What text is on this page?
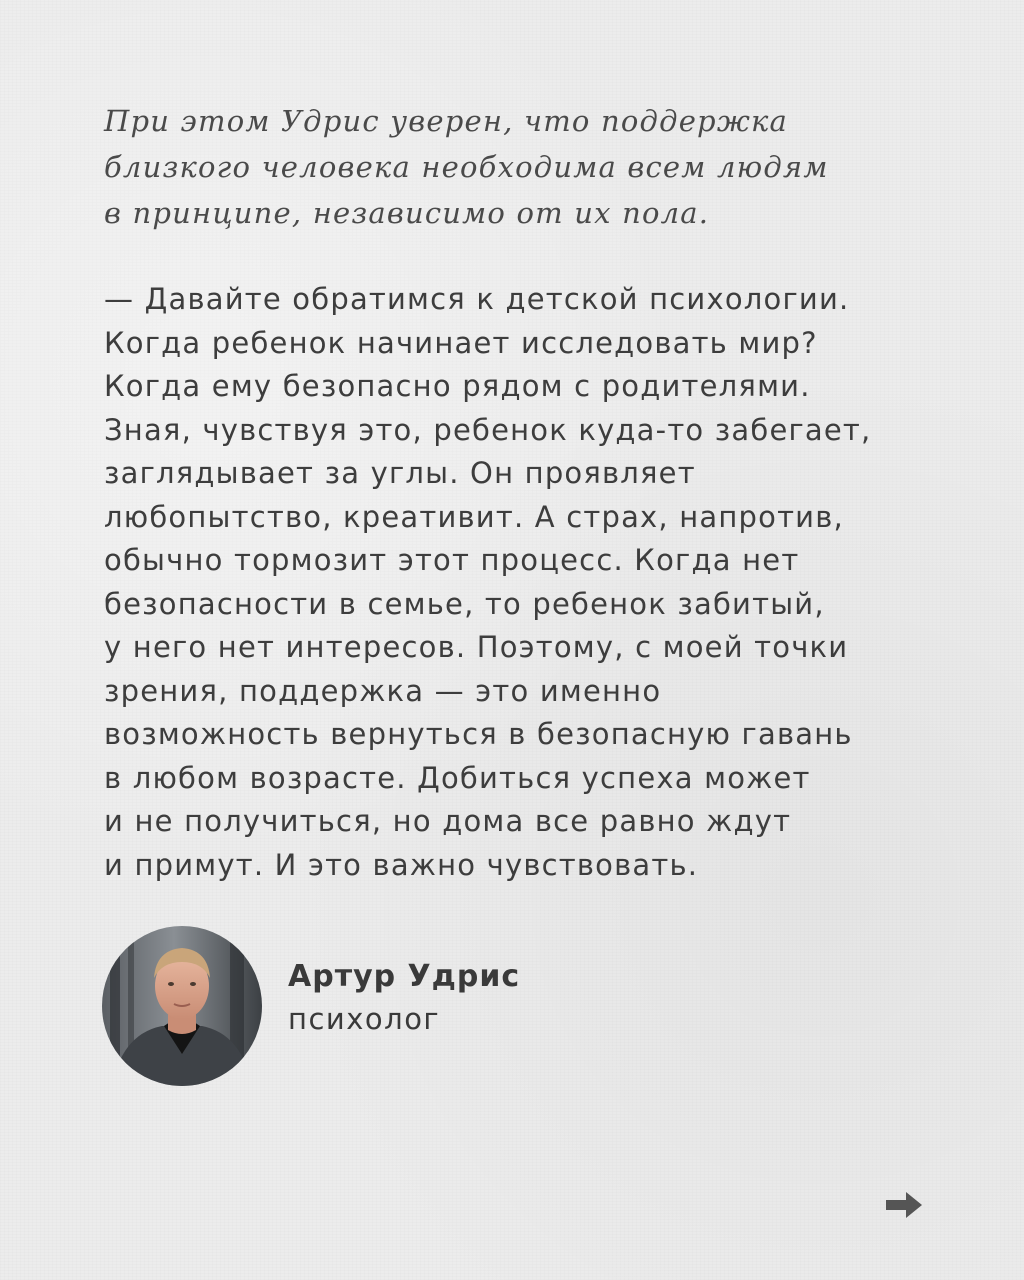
При этом Удрис уверен, что поддержка
близкого человека необходима всем людям
в принципе, независимо от их пола.

— Давайте обратимся к детской психологии.
Когда ребенок начинает исследовать мир?
Когда ему безопасно рядом с родителями.
Зная, чувствуя это, ребенок куда-то забегает,
заглядывает за углы. Он проявляет
любопытство, креативит. А страх, напротив,
обычно тормозит этот процесс. Когда нет
безопасности в семье, то ребенок забитый,
у него нет интересов. Поэтому, с моей точки
зрения, поддержка — это именно
возможность вернуться в безопасную гавань
в любом возрасте. Добиться успеха может
и не получиться, но дома все равно ждут
и примут. И это важно чувствовать.

Артур Удрис
психолог
